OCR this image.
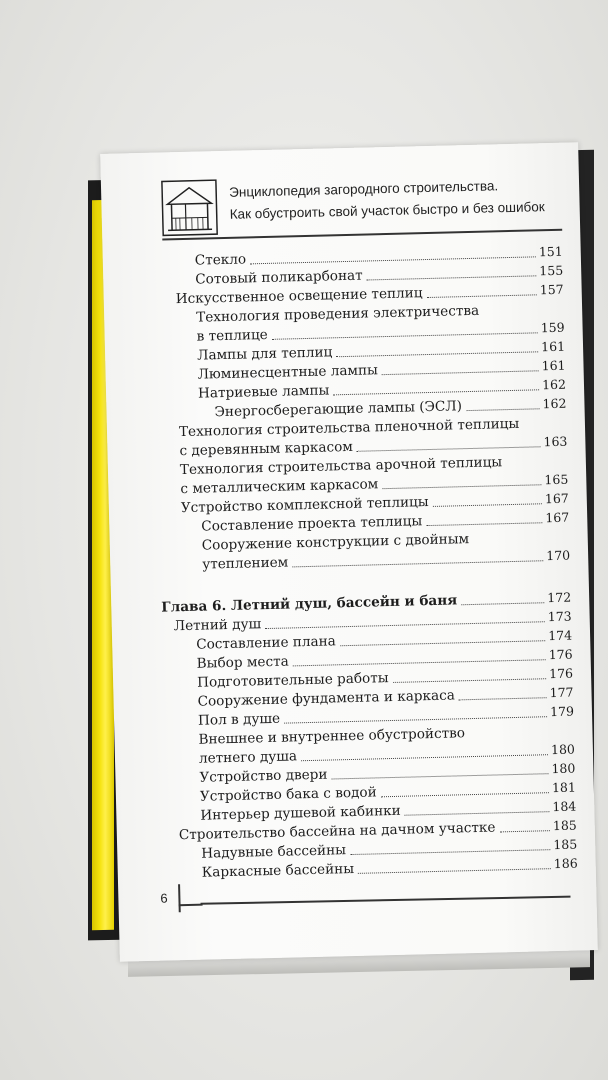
Энциклопедия загородного строительства.
Как обустроить свой участок быстро и без ошибок
Стекло	151
Сотовый поликарбонат	155
Искусственное освещение теплиц	157
Технология проведения электричества
в теплице	159
Лампы для теплиц	161
Люминесцентные лампы	161
Натриевые лампы	162
Энергосберегающие лампы (ЭСЛ)	162
Технология строительства пленочной теплицы
с деревянным каркасом	163
Технология строительства арочной теплицы
с металлическим каркасом	165
Устройство комплексной теплицы	167
Составление проекта теплицы	167
Сооружение конструкции с двойным
утеплением	170
Глава 6. Летний душ, бассейн и баня	172
Летний душ	173
Составление плана	174
Выбор места	176
Подготовительные работы	176
Сооружение фундамента и каркаса	177
Пол в душе	179
Внешнее и внутреннее обустройство
летнего душа	180
Устройство двери	180
Устройство бака с водой	181
Интерьер душевой кабинки	184
Строительство бассейна на дачном участке	185
Надувные бассейны	185
Каркасные бассейны	186
6
